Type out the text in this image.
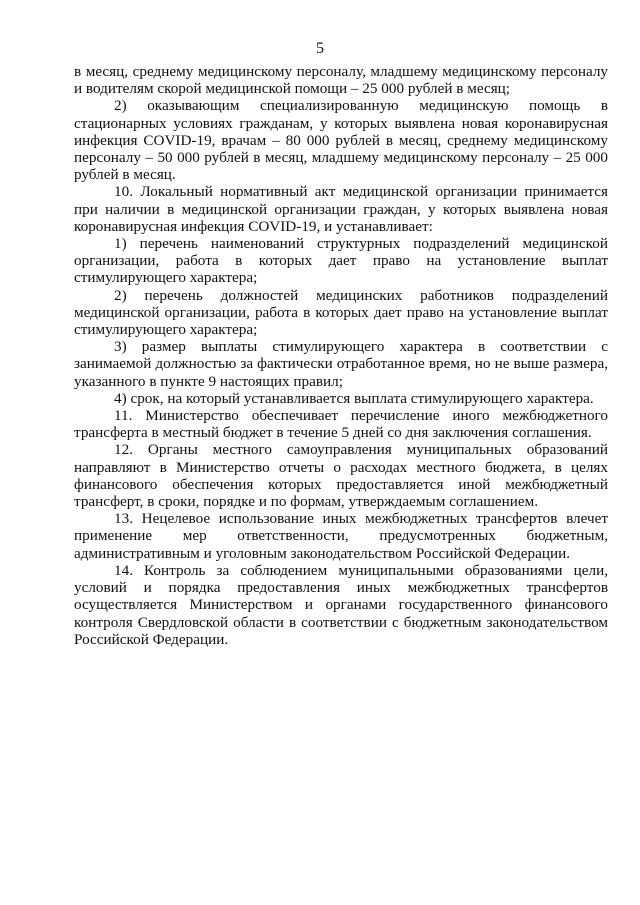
5

в месяц, среднему медицинскому персоналу, младшему медицинскому персоналу и водителям скорой медицинской помощи – 25 000 рублей в месяц;

2) оказывающим специализированную медицинскую помощь в стационарных условиях гражданам, у которых выявлена новая коронавирусная инфекция COVID-19, врачам – 80 000 рублей в месяц, среднему медицинскому персоналу – 50 000 рублей в месяц, младшему медицинскому персоналу – 25 000 рублей в месяц.

10. Локальный нормативный акт медицинской организации принимается при наличии в медицинской организации граждан, у которых выявлена новая коронавирусная инфекция COVID-19, и устанавливает:

1) перечень наименований структурных подразделений медицинской организации, работа в которых дает право на установление выплат стимулирующего характера;

2) перечень должностей медицинских работников подразделений медицинской организации, работа в которых дает право на установление выплат стимулирующего характера;

3) размер выплаты стимулирующего характера в соответствии с занимаемой должностью за фактически отработанное время, но не выше размера, указанного в пункте 9 настоящих правил;

4) срок, на который устанавливается выплата стимулирующего характера.

11. Министерство обеспечивает перечисление иного межбюджетного трансферта в местный бюджет в течение 5 дней со дня заключения соглашения.

12. Органы местного самоуправления муниципальных образований направляют в Министерство отчеты о расходах местного бюджета, в целях финансового обеспечения которых предоставляется иной межбюджетный трансферт, в сроки, порядке и по формам, утверждаемым соглашением.

13. Нецелевое использование иных межбюджетных трансфертов влечет применение мер ответственности, предусмотренных бюджетным, административным и уголовным законодательством Российской Федерации.

14. Контроль за соблюдением муниципальными образованиями цели, условий и порядка предоставления иных межбюджетных трансфертов осуществляется Министерством и органами государственного финансового контроля Свердловской области в соответствии с бюджетным законодательством Российской Федерации.
